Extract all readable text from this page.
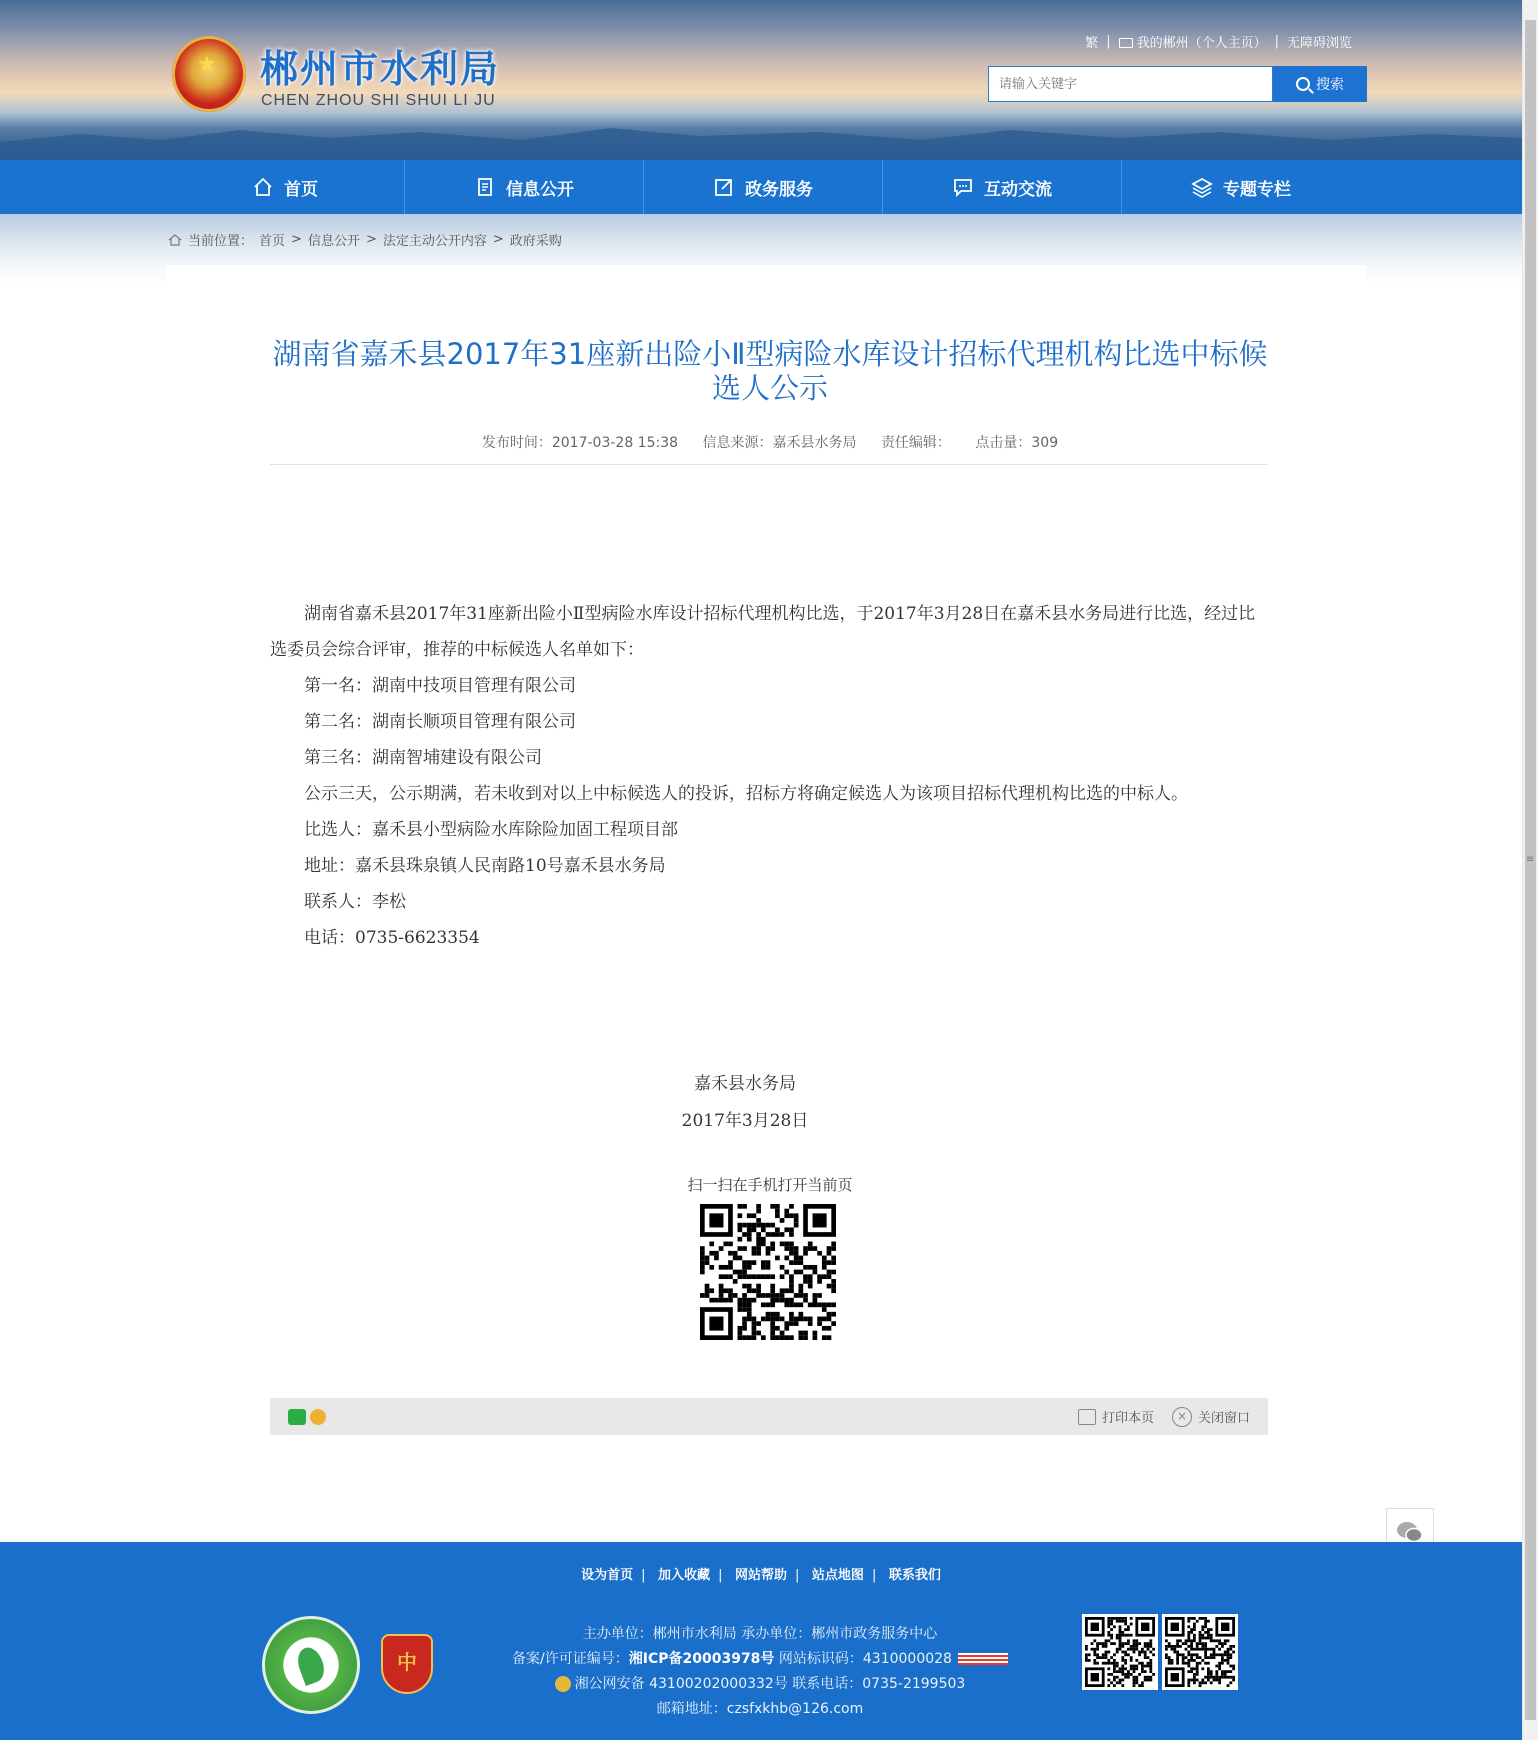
★ 郴州市水利局
CHEN ZHOU SHI SHUI LI JU
繁 |	我的郴州（个人主页） | 无障碍浏览
请输入关键字
搜索
首页	信息公开	政务服务	互动交流	专题专栏
当前位置： 首页 > 信息公开 > 法定主动公开内容 > 政府采购
湖南省嘉禾县2017年31座新出险小Ⅱ型病险水库设计招标代理机构比选中标候选人公示
发布时间：2017-03-28 15:38 信息来源：嘉禾县水务局 责任编辑： 点击量：309

湖南省嘉禾县2017年31座新出险小Ⅱ型病险水库设计招标代理机构比选，于2017年3月28日在嘉禾县水务局进行比选，经过比选委员会综合评审，推荐的中标候选人名单如下：

第一名：湖南中技项目管理有限公司

第二名：湖南长顺项目管理有限公司

第三名：湖南智埔建设有限公司

公示三天，公示期满，若未收到对以上中标候选人的投诉，招标方将确定候选人为该项目招标代理机构比选的中标人。

比选人：嘉禾县小型病险水库除险加固工程项目部

地址：嘉禾县珠泉镇人民南路10号嘉禾县水务局

联系人：李松

电话：0735-6623354

嘉禾县水务局
2017年3月28日
扫一扫在手机打开当前页
打印本页	× 关闭窗口
设为首页 | 加入收藏 | 网站帮助 | 站点地图 | 联系我们
中
主办单位：郴州市水利局 承办单位：郴州市政务服务中心
备案/许可证编号：湘ICP备20003978号 网站标识码：4310000028
湘公网安备 43100202000332号 联系电话：0735-2199503
邮箱地址：czsfxkhb@126.com
≡
